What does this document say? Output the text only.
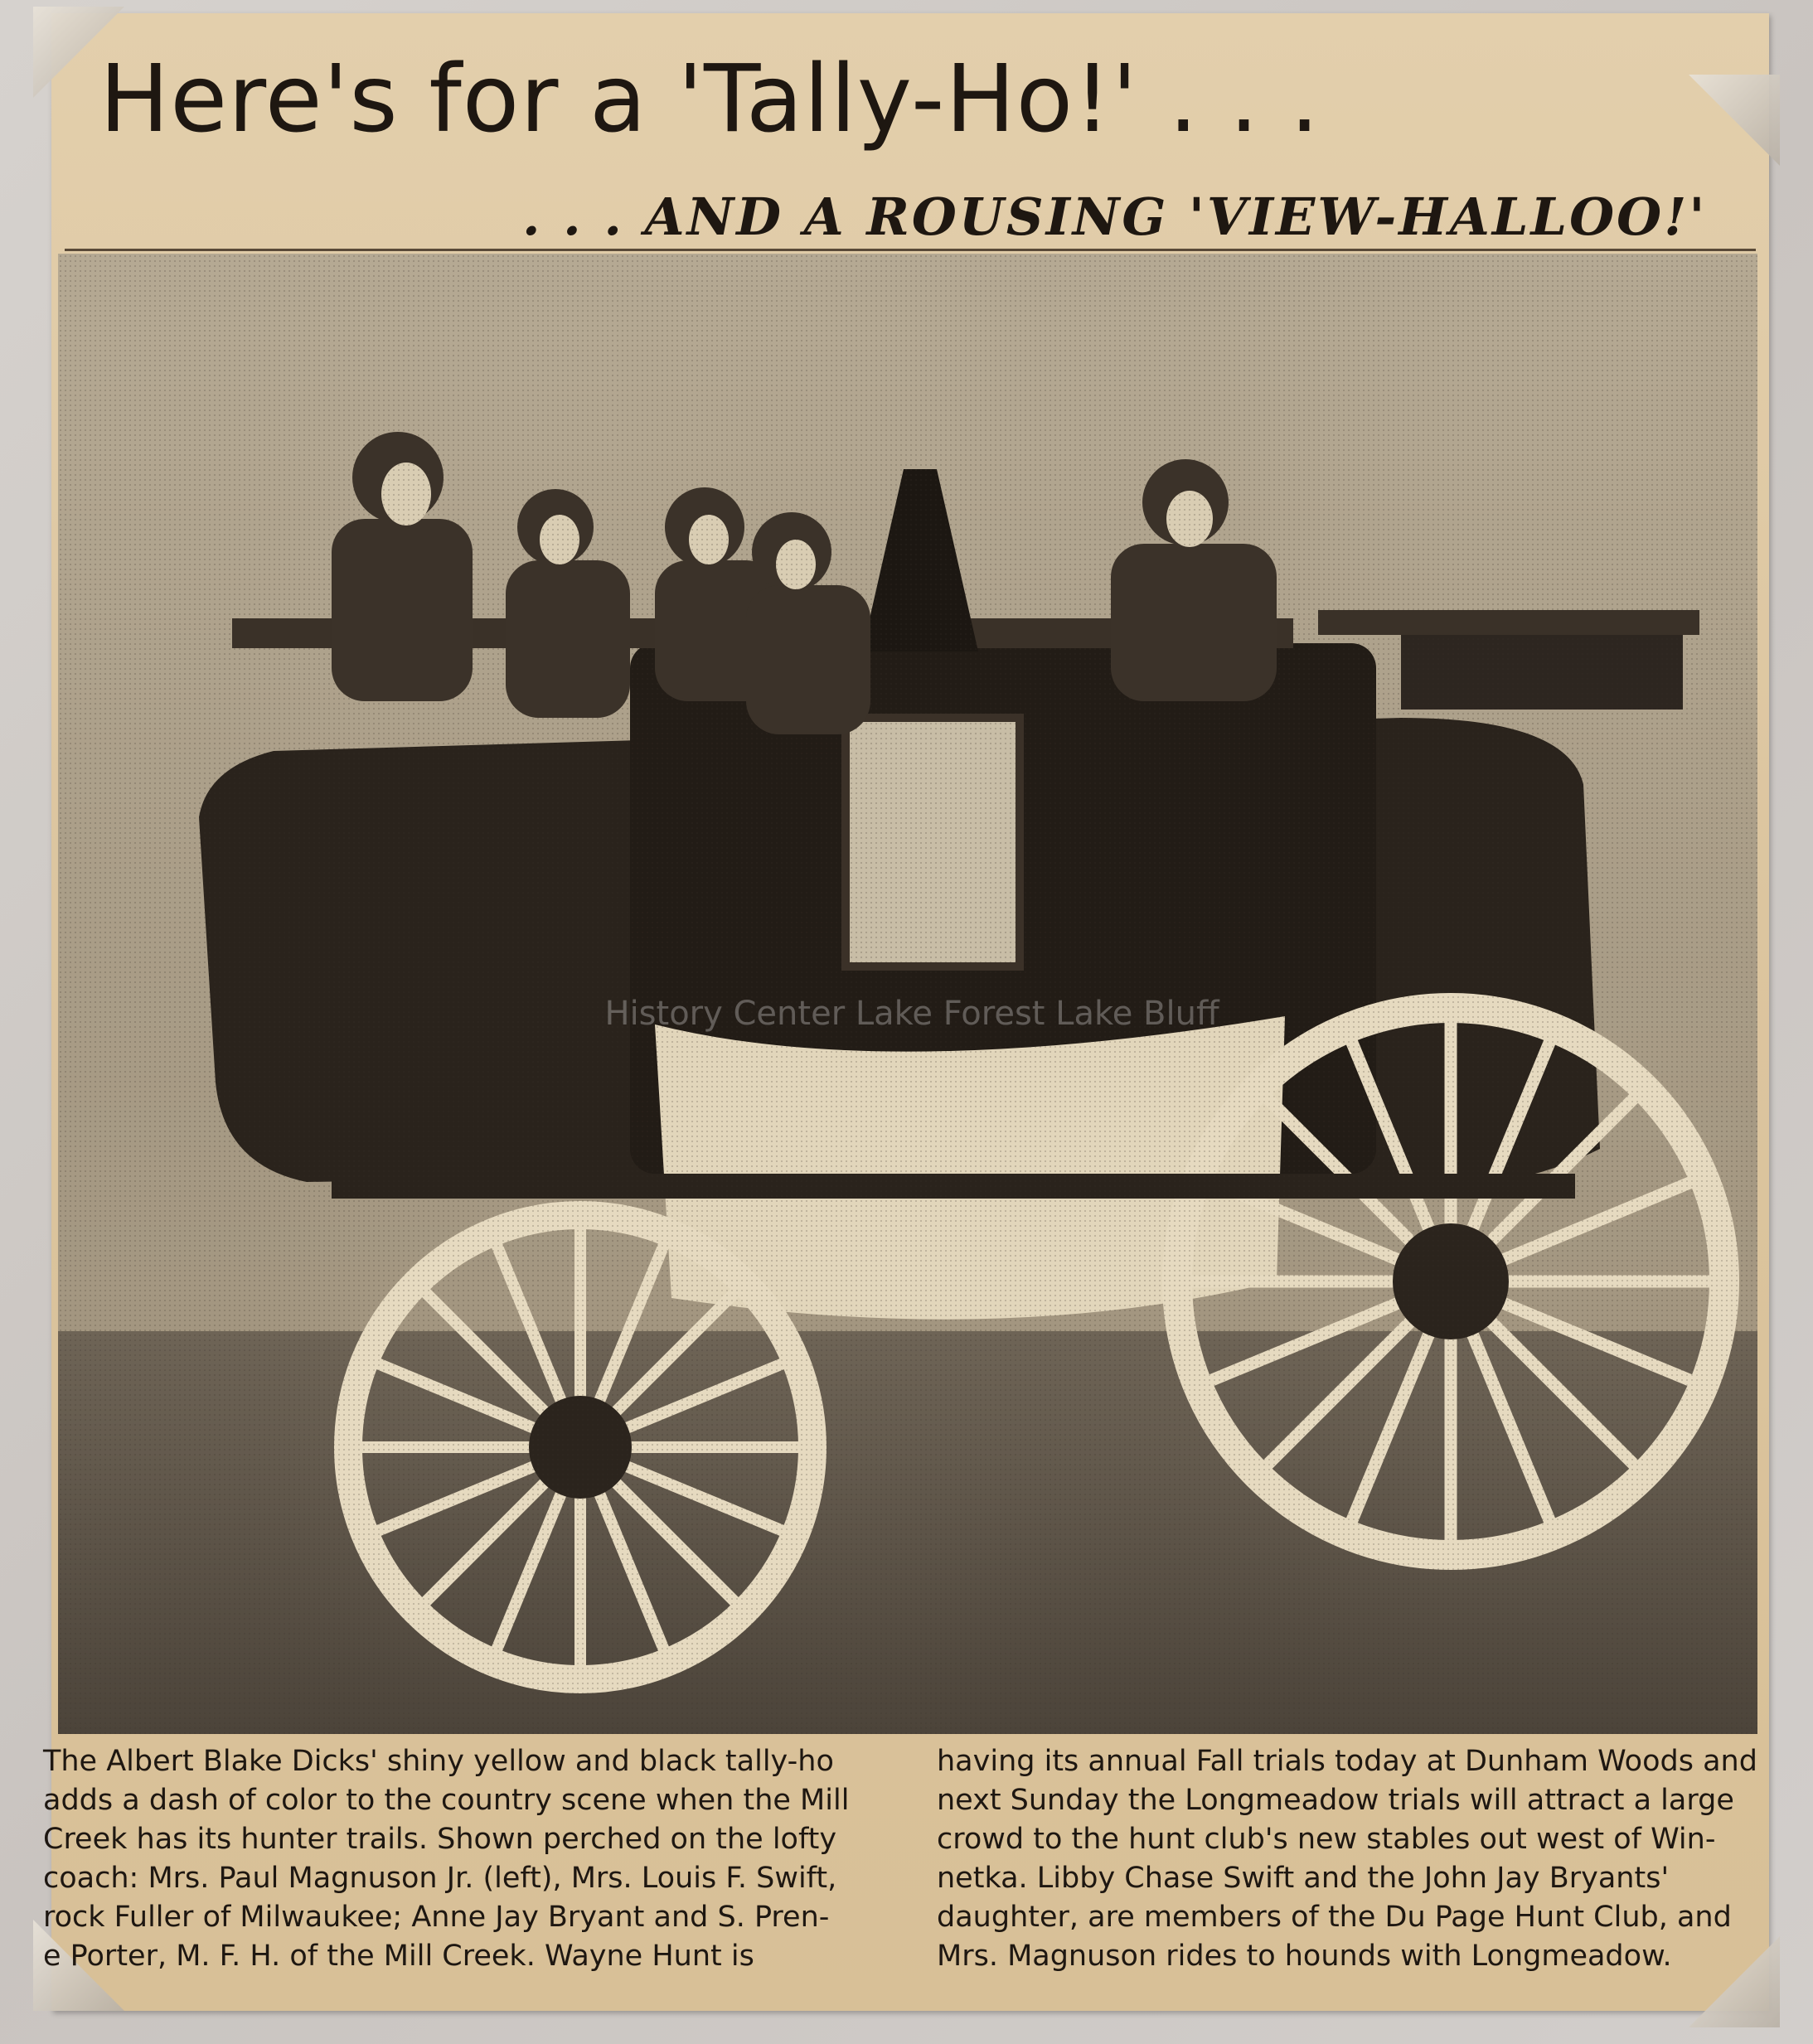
Here's for a 'Tally-Ho!' . . .
. . . AND A ROUSING 'VIEW-HALLOO!'
History Center Lake Forest Lake Bluff
The Albert Blake Dicks' shiny yellow and black tally-ho
adds a dash of color to the country scene when the Mill
Creek has its hunter trails. Shown perched on the lofty
coach: Mrs. Paul Magnuson Jr. (left), Mrs. Louis F. Swift,
rock Fuller of Milwaukee; Anne Jay Bryant and S. Pren-
e Porter, M. F. H. of the Mill Creek. Wayne Hunt is
having its annual Fall trials today at Dunham Woods and
next Sunday the Longmeadow trials will attract a large
crowd to the hunt club's new stables out west of Win-
netka. Libby Chase Swift and the John Jay Bryants'
daughter, are members of the Du Page Hunt Club, and
Mrs. Magnuson rides to hounds with Longmeadow.
